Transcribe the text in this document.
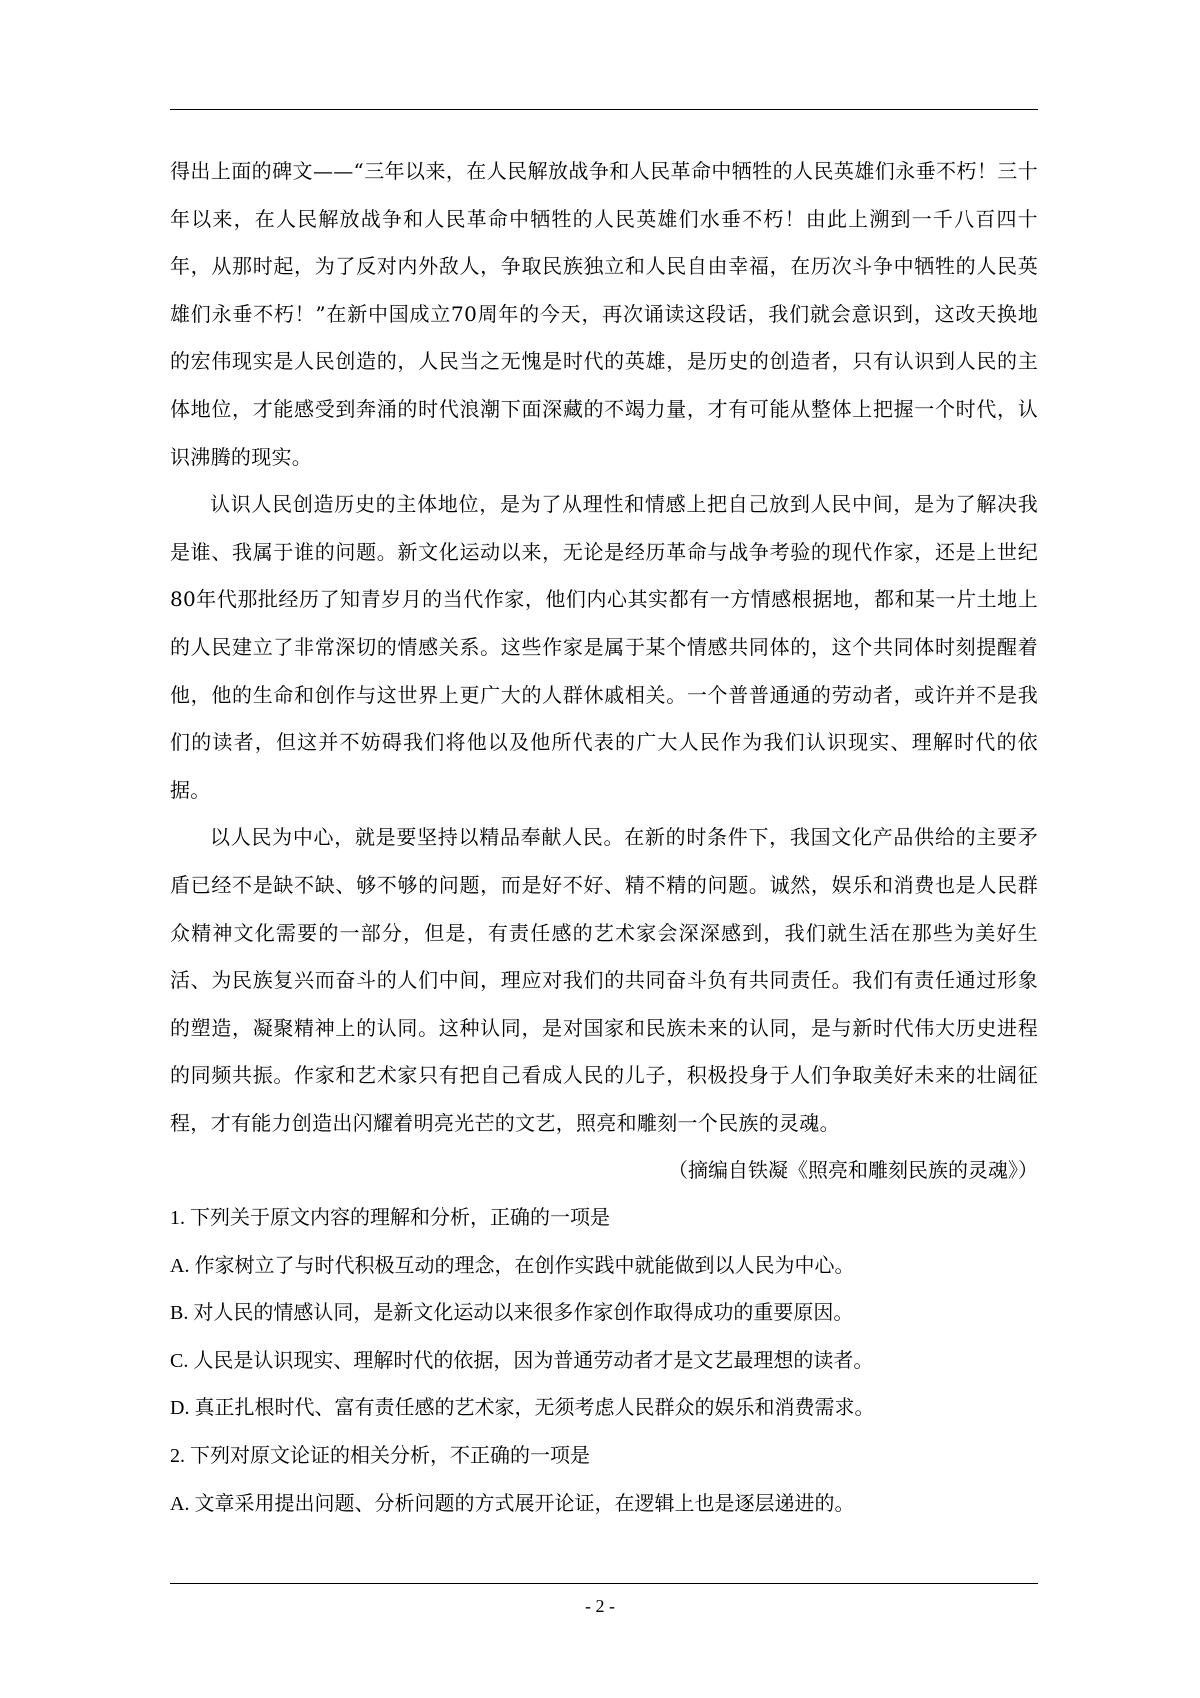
得出上面的碑文——“三年以来，在人民解放战争和人民革命中牺牲的人民英雄们永垂不朽！三十年以来，在人民解放战争和人民革命中牺牲的人民英雄们水垂不朽！由此上溯到一千八百四十年，从那时起，为了反对内外敌人，争取民族独立和人民自由幸福，在历次斗争中牺牲的人民英雄们永垂不朽！”在新中国成立70周年的今天，再次诵读这段话，我们就会意识到，这改天换地的宏伟现实是人民创造的，人民当之无愧是时代的英雄，是历史的创造者，只有认识到人民的主体地位，才能感受到奔涌的时代浪潮下面深藏的不竭力量，才有可能从整体上把握一个时代，认识沸腾的现实。

认识人民创造历史的主体地位，是为了从理性和情感上把自己放到人民中间，是为了解决我是谁、我属于谁的问题。新文化运动以来，无论是经历革命与战争考验的现代作家，还是上世纪80年代那批经历了知青岁月的当代作家，他们内心其实都有一方情感根据地，都和某一片土地上的人民建立了非常深切的情感关系。这些作家是属于某个情感共同体的，这个共同体时刻提醒着他，他的生命和创作与这世界上更广大的人群休戚相关。一个普普通通的劳动者，或许并不是我们的读者，但这并不妨碍我们将他以及他所代表的广大人民作为我们认识现实、理解时代的依据。

以人民为中心，就是要坚持以精品奉献人民。在新的时条件下，我国文化产品供给的主要矛盾已经不是缺不缺、够不够的问题，而是好不好、精不精的问题。诚然，娱乐和消费也是人民群众精神文化需要的一部分，但是，有责任感的艺术家会深深感到，我们就生活在那些为美好生活、为民族复兴而奋斗的人们中间，理应对我们的共同奋斗负有共同责任。我们有责任通过形象的塑造，凝聚精神上的认同。这种认同，是对国家和民族未来的认同，是与新时代伟大历史进程的同频共振。作家和艺术家只有把自己看成人民的儿子，积极投身于人们争取美好未来的壮阔征程，才有能力创造出闪耀着明亮光芒的文艺，照亮和雕刻一个民族的灵魂。

（摘编自铁凝《照亮和雕刻民族的灵魂》）

1. 下列关于原文内容的理解和分析，正确的一项是

A. 作家树立了与时代积极互动的理念，在创作实践中就能做到以人民为中心。

B. 对人民的情感认同，是新文化运动以来很多作家创作取得成功的重要原因。

C. 人民是认识现实、理解时代的依据，因为普通劳动者才是文艺最理想的读者。

D. 真正扎根时代、富有责任感的艺术家，无须考虑人民群众的娱乐和消费需求。

2. 下列对原文论证的相关分析，不正确的一项是

A. 文章采用提出问题、分析问题的方式展开论证，在逻辑上也是逐层递进的。

- 2 -
